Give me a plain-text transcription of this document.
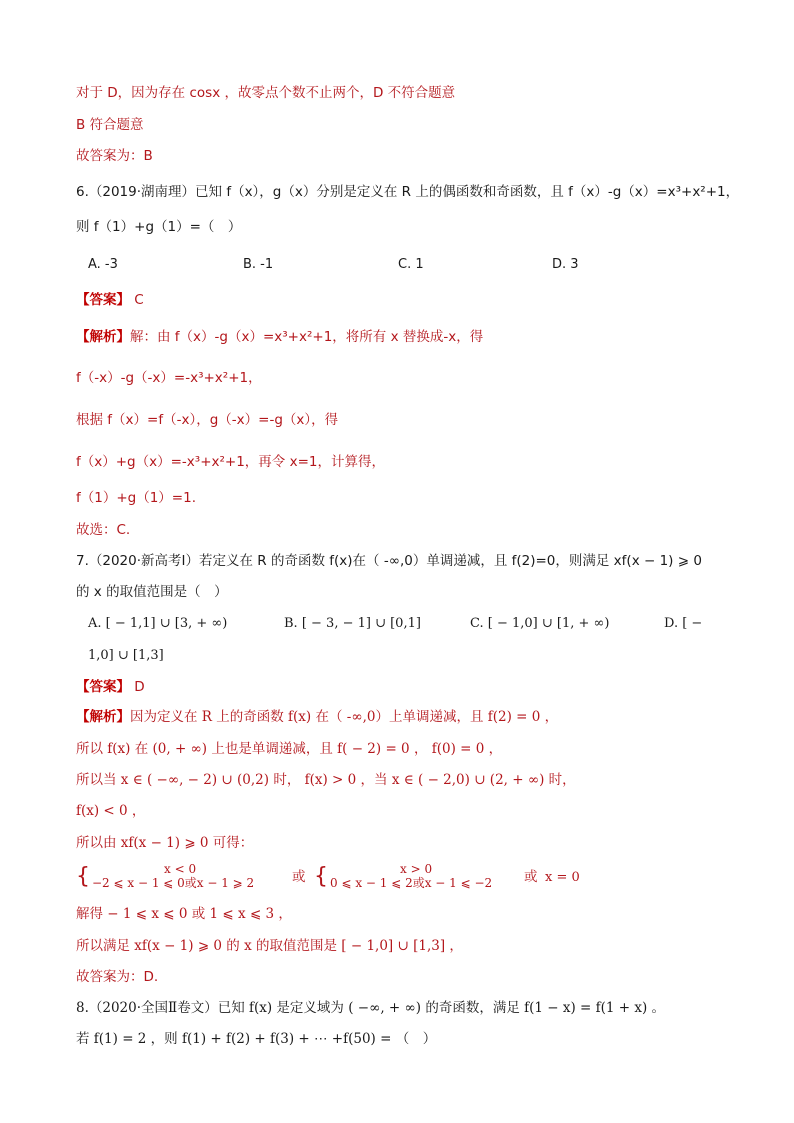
对于 D，因为存在 cosx ，故零点个数不止两个，D 不符合题意
B 符合题意
故答案为：B
6.（2019·湖南理）已知 f（x），g（x）分别是定义在 R 上的偶函数和奇函数，且 f（x）-g（x）=x³+x²+1，
则 f（1）+g（1）=（　）
A. -3	B. -1	C. 1	D. 3
【答案】 C
【解析】解：由 f（x）-g（x）=x³+x²+1，将所有 x 替换成-x，得
f（-x）-g（-x）=-x³+x²+1，
根据 f（x）=f（-x），g（-x）=-g（x），得
f（x）+g（x）=-x³+x²+1，再令 x=1，计算得，
f（1）+g（1）=1.
故选：C.
7.（2020·新高考Ⅰ）若定义在 R 的奇函数 f(x)在（ -∞,0）单调递减，且 f(2)=0，则满足 xf(x − 1) ⩾ 0
的 x 的取值范围是（　）
A. [ − 1,1] ∪ [3, + ∞)	B. [ − 3, − 1] ∪ [0,1]	C. [ − 1,0] ∪ [1, + ∞)	D. [ −
1,0] ∪ [1,3]
【答案】 D
【解析】因为定义在 R 上的奇函数 f(x) 在（ -∞,0）上单调递减，且 f(2) = 0 ，
所以 f(x) 在 (0, + ∞) 上也是单调递减，且 f( − 2) = 0 ， f(0) = 0 ，
所以当 x ∈ ( −∞, − 2) ∪ (0,2) 时， f(x) > 0 ，当 x ∈ ( − 2,0) ∪ (2, + ∞) 时，
f(x) < 0 ，
所以由 xf(x − 1) ⩾ 0 可得：
{	x < 0
−2 ⩽ x − 1 ⩽ 0或x − 1 ⩾ 2	或 {	x > 0
0 ⩽ x − 1 ⩽ 2或x − 1 ⩽ −2 或 x = 0
解得 − 1 ⩽ x ⩽ 0 或 1 ⩽ x ⩽ 3 ，
所以满足 xf(x − 1) ⩾ 0 的 x 的取值范围是 [ − 1,0] ∪ [1,3] ，
故答案为：D.
8.（2020·全国Ⅱ卷文）已知 f(x) 是定义域为 ( −∞, + ∞) 的奇函数，满足 f(1 − x) = f(1 + x) 。
若 f(1) = 2 ，则 f(1) + f(2) + f(3) + ⋯ +f(50) = （　）
